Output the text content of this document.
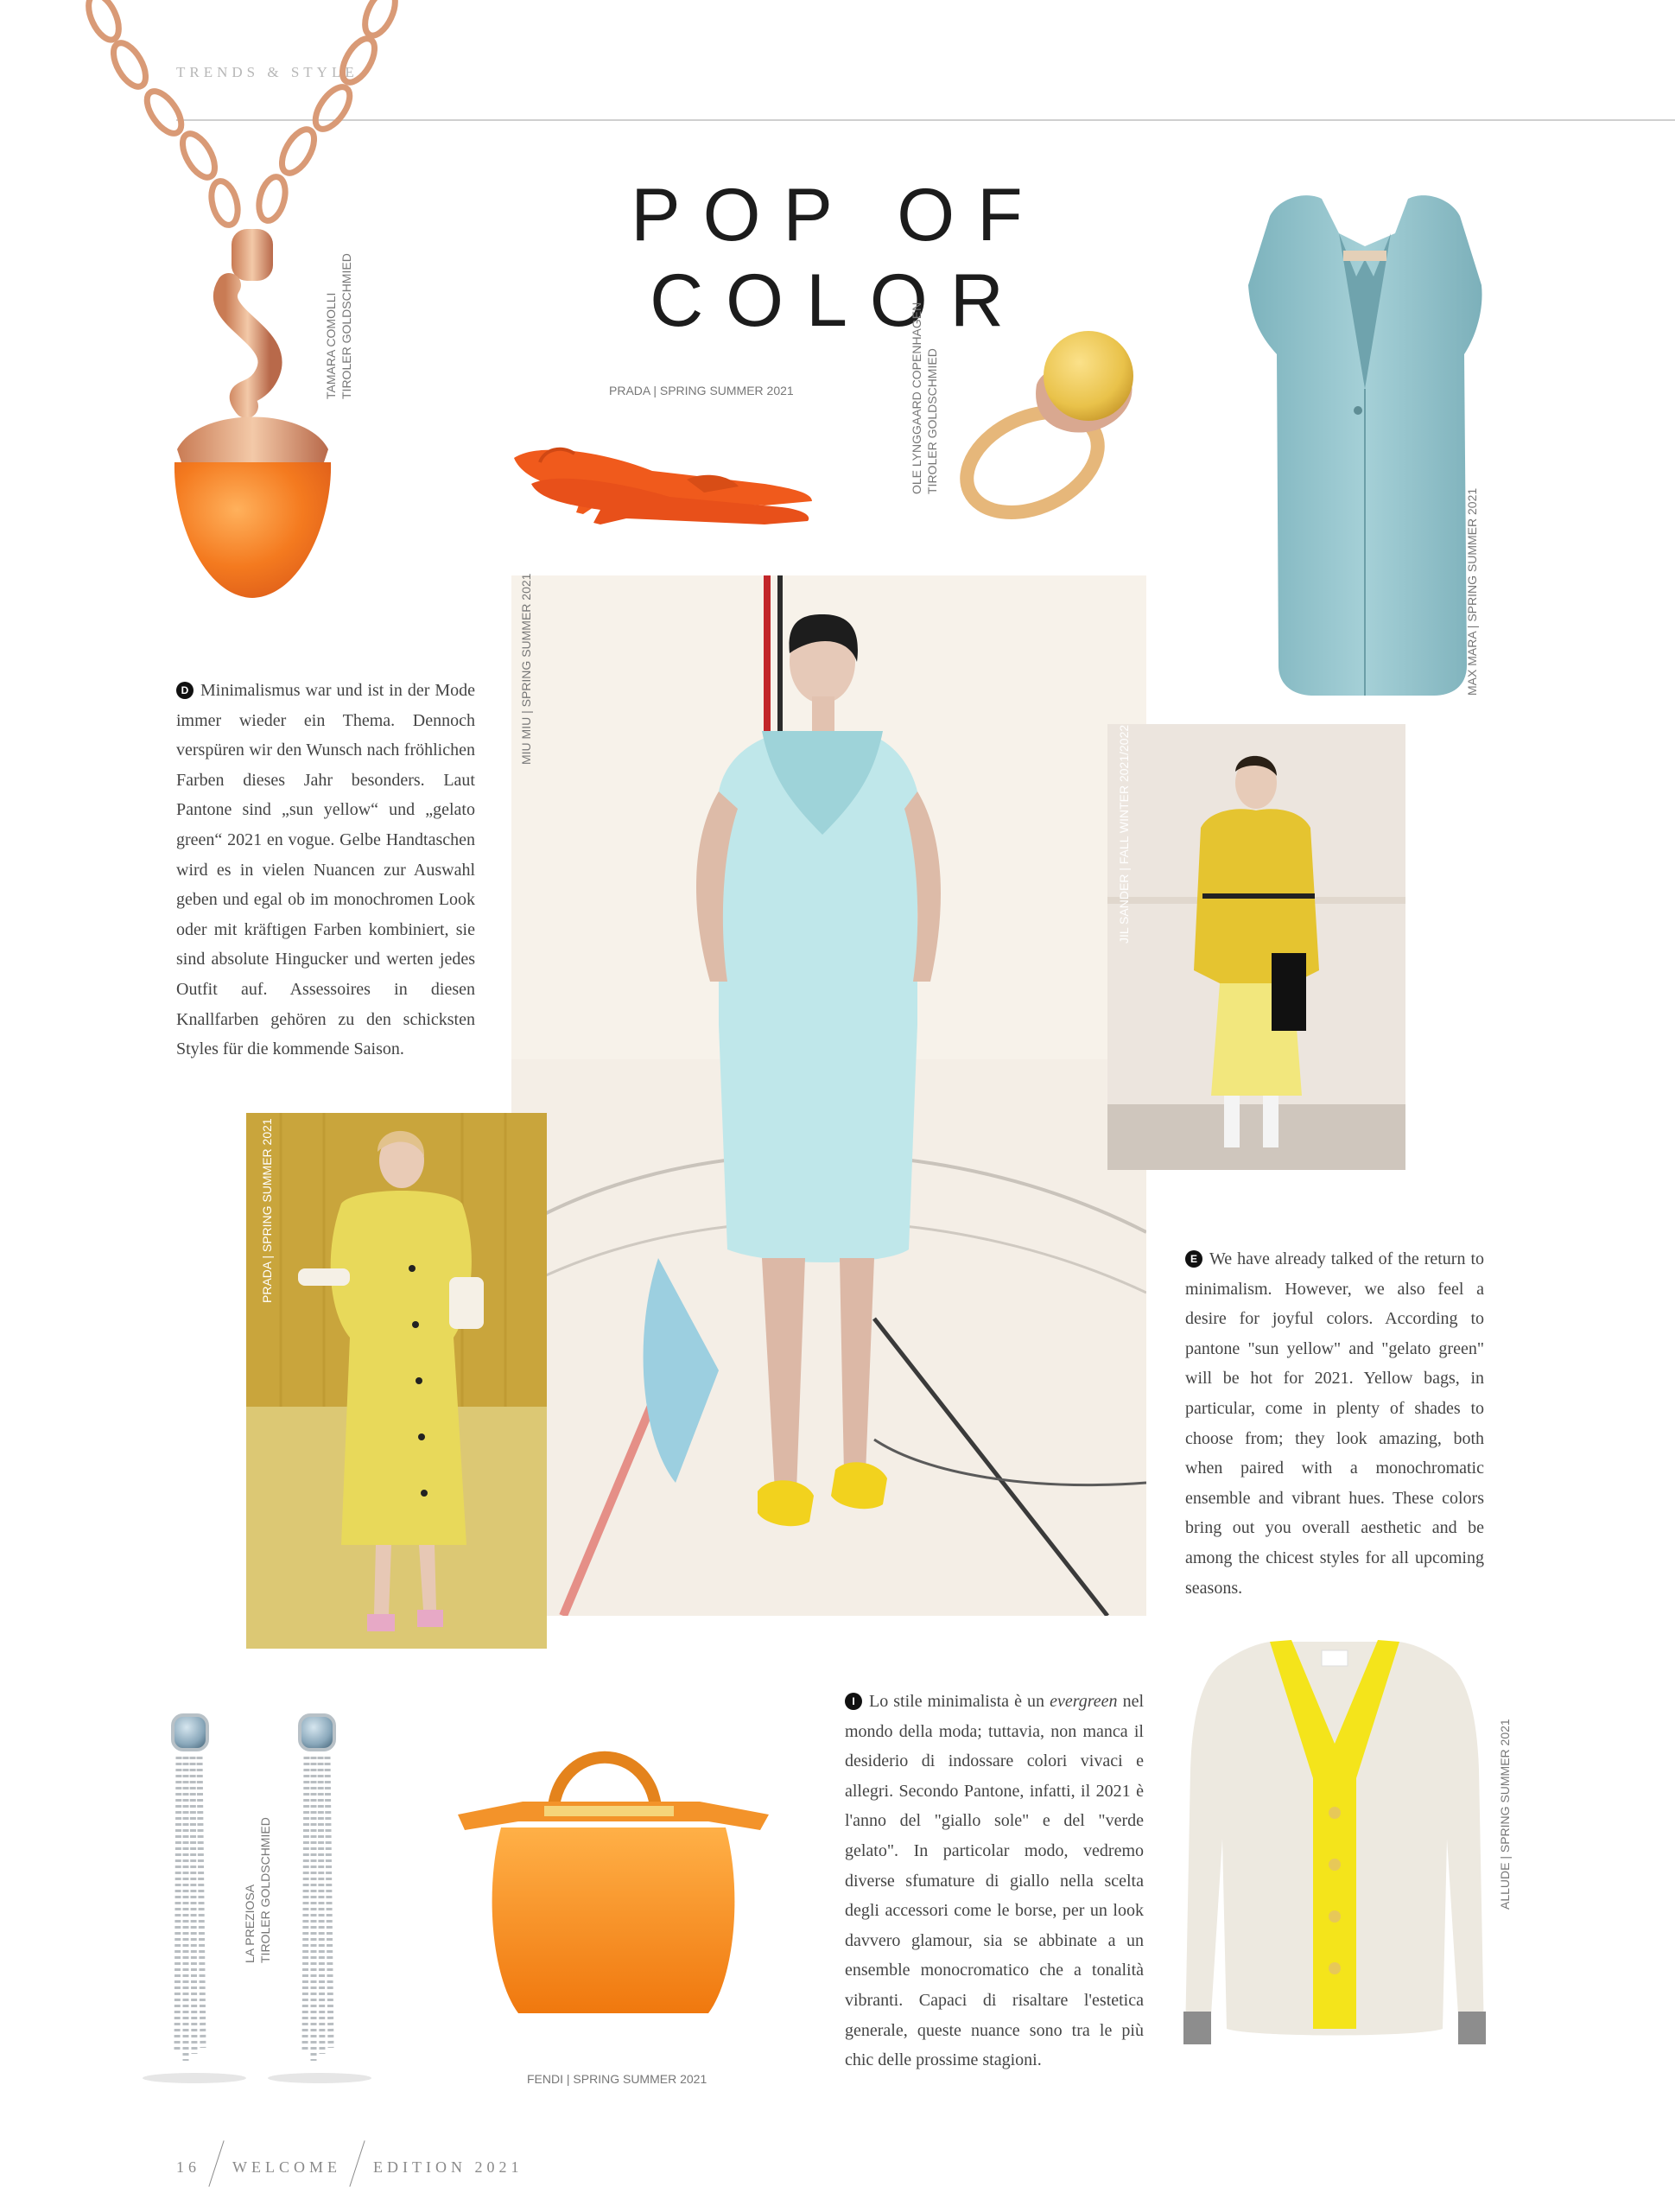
TRENDS & STYLE
POP OF COLOR
TAMARA COMOLLI TIROLER GOLDSCHMIED	PRADA | SPRING SUMMER 2021	OLE LYNGGAARD COPENHAGEN TIROLER GOLDSCHMIED
MAX MARA | SPRING SUMMER 2021
MIU MIU | SPRING SUMMER 2021
JIL SANDER | FALL WINTER 2021/2022
D Minimalismus war und ist in der Mode immer wieder ein Thema. Dennoch verspüren wir den Wunsch nach fröhlichen Farben dieses Jahr besonders. Laut Pantone sind „sun yellow“ und „gelato green“ 2021 en vogue. Gelbe Handtaschen wird es in vielen Nuancen zur Auswahl geben und egal ob im monochromen Look oder mit kräftigen Farben kombiniert, sie sind absolute Hingucker und werten jedes Outfit auf. Assessoires in diesen Knallfarben gehören zu den schicksten Styles für die kommende Saison.
PRADA | SPRING SUMMER 2021	E We have already talked of the return to minimalism. However, we also feel a desire for joyful colors. According to pantone "sun yellow" and "gelato green" will be hot for 2021. Yellow bags, in particular, come in plenty of shades to choose from; they look amazing, both when paired with a monochromatic ensemble and vibrant hues. These colors bring out you overall aesthetic and be among the chicest styles for all upcoming seasons.
LA PREZIOSA TIROLER GOLDSCHMIED
FENDI | SPRING SUMMER 2021
I Lo stile minimalista è un evergreen nel mondo della moda; tuttavia, non manca il desiderio di indossare colori vivaci e allegri. Secondo Pantone, infatti, il 2021 è l'anno del "giallo sole" e del "verde gelato". In particolar modo, vedremo diverse sfumature di giallo nella scelta degli accessori come le borse, per un look davvero glamour, sia se abbinate a un ensemble monocromatico che a tonalità vibranti. Capaci di risaltare l'estetica generale, queste nuance sono tra le più chic delle prossime stagioni.
ALLUDE | SPRING SUMMER 2021
16 WELCOME EDITION 2021
